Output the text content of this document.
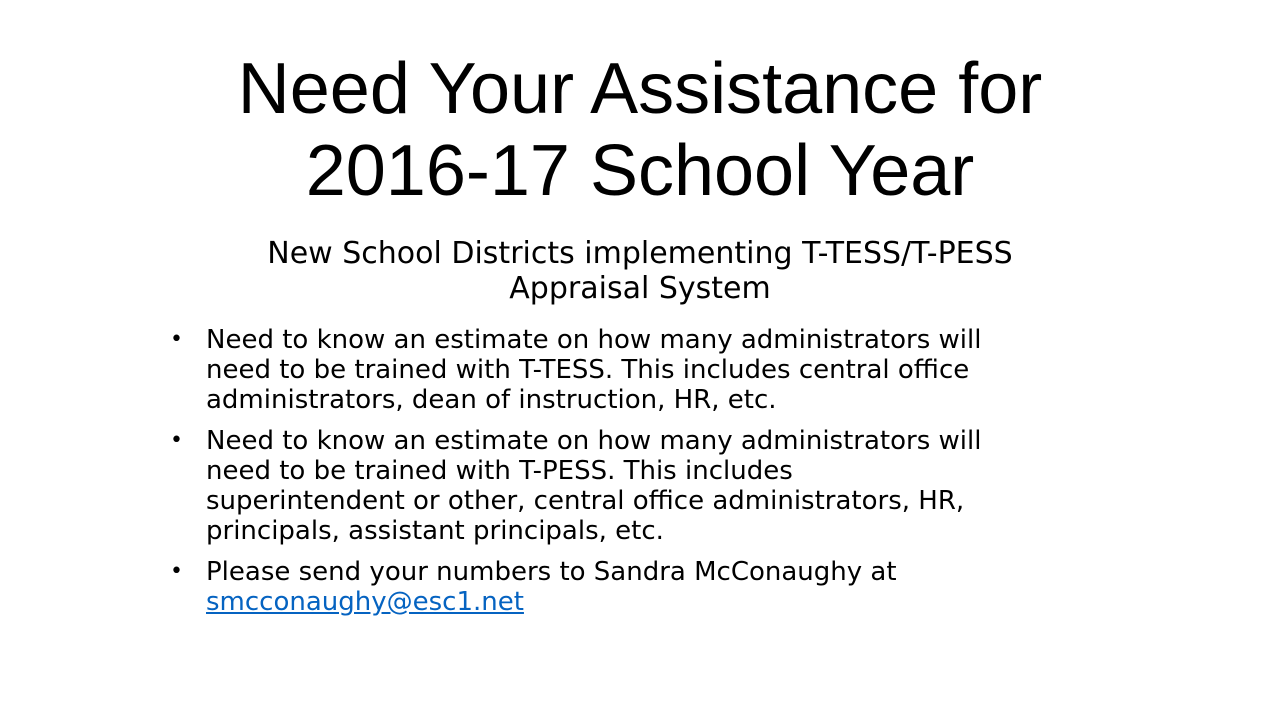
Need Your Assistance for
2016-17 School Year
New School Districts implementing T-TESS/T-PESS
Appraisal System
• Need to know an estimate on how many administrators will
need to be trained with T-TESS. This includes central office
administrators, dean of instruction, HR, etc.
• Need to know an estimate on how many administrators will
need to be trained with T-PESS. This includes
superintendent or other, central office administrators, HR,
principals, assistant principals, etc.
• Please send your numbers to Sandra McConaughy at
smcconaughy@esc1.net
